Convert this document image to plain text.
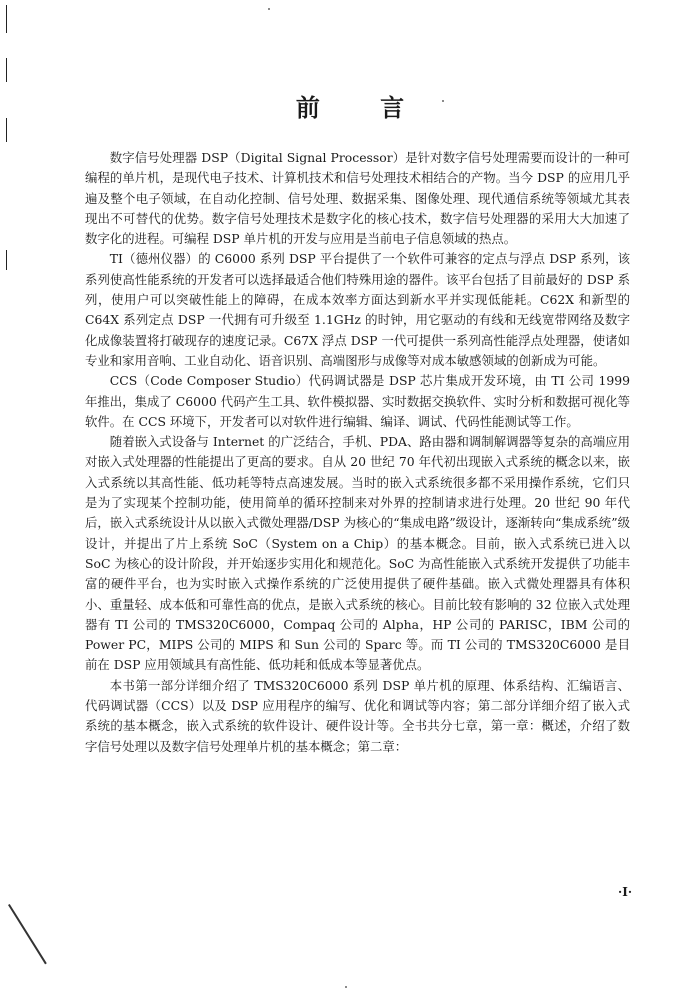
前 言

数字信号处理器 DSP（Digital Signal Processor）是针对数字信号处理需要而设计的一种可编程的单片机，是现代电子技术、计算机技术和信号处理技术相结合的产物。当今 DSP 的应用几乎遍及整个电子领域，在自动化控制、信号处理、数据采集、图像处理、现代通信系统等领域尤其表现出不可替代的优势。数字信号处理技术是数字化的核心技术，数字信号处理器的采用大大加速了数字化的进程。可编程 DSP 单片机的开发与应用是当前电子信息领域的热点。

TI（德州仪器）的 C6000 系列 DSP 平台提供了一个软件可兼容的定点与浮点 DSP 系列，该系列使高性能系统的开发者可以选择最适合他们特殊用途的器件。该平台包括了目前最好的 DSP 系列，使用户可以突破性能上的障碍，在成本效率方面达到新水平并实现低能耗。C62X 和新型的 C64X 系列定点 DSP 一代拥有可升级至 1.1GHz 的时钟，用它驱动的有线和无线宽带网络及数字化成像装置将打破现存的速度记录。C67X 浮点 DSP 一代可提供一系列高性能浮点处理器，使诸如专业和家用音响、工业自动化、语音识别、高端图形与成像等对成本敏感领域的创新成为可能。

CCS（Code Composer Studio）代码调试器是 DSP 芯片集成开发环境，由 TI 公司 1999 年推出，集成了 C6000 代码产生工具、软件模拟器、实时数据交换软件、实时分析和数据可视化等软件。在 CCS 环境下，开发者可以对软件进行编辑、编译、调试、代码性能测试等工作。

随着嵌入式设备与 Internet 的广泛结合，手机、PDA、路由器和调制解调器等复杂的高端应用对嵌入式处理器的性能提出了更高的要求。自从 20 世纪 70 年代初出现嵌入式系统的概念以来，嵌入式系统以其高性能、低功耗等特点高速发展。当时的嵌入式系统很多都不采用操作系统，它们只是为了实现某个控制功能，使用简单的循环控制来对外界的控制请求进行处理。20 世纪 90 年代后，嵌入式系统设计从以嵌入式微处理器/DSP 为核心的“集成电路”级设计，逐渐转向“集成系统”级设计，并提出了片上系统 SoC（System on a Chip）的基本概念。目前，嵌入式系统已进入以 SoC 为核心的设计阶段，并开始逐步实用化和规范化。SoC 为高性能嵌入式系统开发提供了功能丰富的硬件平台，也为实时嵌入式操作系统的广泛使用提供了硬件基础。嵌入式微处理器具有体积小、重量轻、成本低和可靠性高的优点，是嵌入式系统的核心。目前比较有影响的 32 位嵌入式处理器有 TI 公司的 TMS320C6000，Compaq 公司的 Alpha，HP 公司的 PARISC，IBM 公司的 Power PC，MIPS 公司的 MIPS 和 Sun 公司的 Sparc 等。而 TI 公司的 TMS320C6000 是目前在 DSP 应用领域具有高性能、低功耗和低成本等显著优点。

本书第一部分详细介绍了 TMS320C6000 系列 DSP 单片机的原理、体系结构、汇编语言、代码调试器（CCS）以及 DSP 应用程序的编写、优化和调试等内容；第二部分详细介绍了嵌入式系统的基本概念，嵌入式系统的软件设计、硬件设计等。全书共分七章，第一章：概述，介绍了数字信号处理以及数字信号处理单片机的基本概念；第二章：

·I·
